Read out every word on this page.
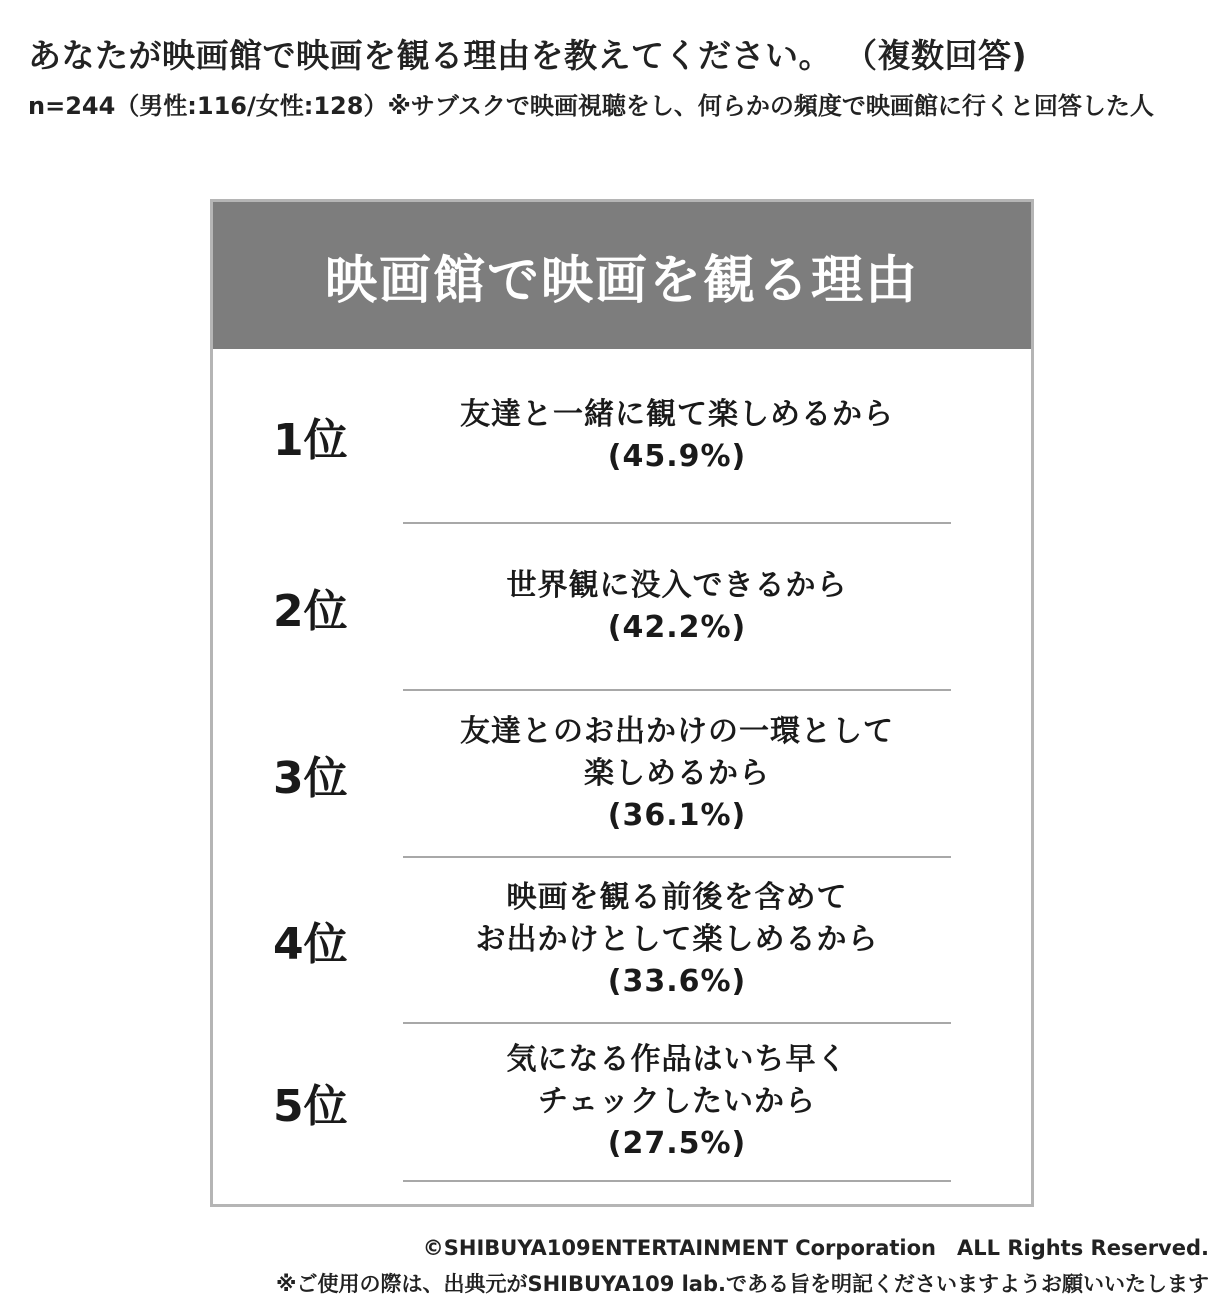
あなたが映画館で映画を観る理由を教えてください。 （複数回答)
n=244（男性:116/女性:128）※サブスクで映画視聴をし、何らかの頻度で映画館に行くと回答した人
映画館で映画を観る理由
1位	友達と一緒に観て楽しめるから
(45.9%)
2位	世界観に没入できるから
(42.2%)
3位
友達とのお出かけの一環として
楽しめるから
(36.1%)
4位
映画を観る前後を含めて
お出かけとして楽しめるから
(33.6%)
5位
気になる作品はいち早く
チェックしたいから
(27.5%)
©SHIBUYA109ENTERTAINMENT Corporation　ALL Rights Reserved.
※ご使用の際は、出典元がSHIBUYA109 lab.である旨を明記くださいますようお願いいたします
